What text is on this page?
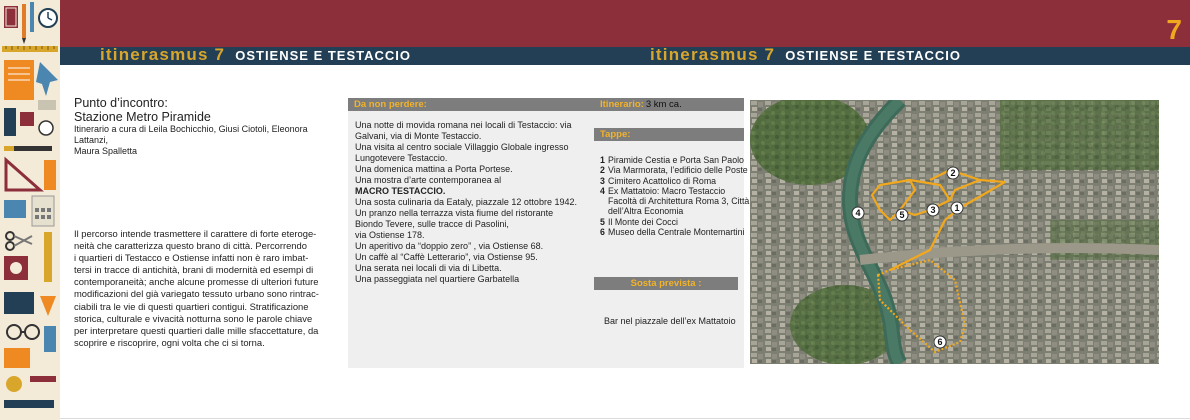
7
itinerasmus 7 OSTIENSE E TESTACCIO	itinerasmus 7 OSTIENSE E TESTACCIO
Punto d’incontro:
Stazione Metro Piramide
Itinerario a cura di Leila Bochicchio, Giusi Ciotoli, Eleonora Lattanzi,
Maura Spalletta
Il percorso intende trasmettere il carattere di forte eteroge-
neità che caratterizza questo brano di città. Percorrendo
i quartieri di Testacco e Ostiense infatti non è raro imbat-
tersi in tracce di antichità, brani di modernità ed esempi di
contemporaneità; anche alcune promesse di ulteriori future
modificazioni del già variegato tessuto urbano sono rintrac-
ciabili tra le vie di questi quartieri contigui. Stratificazione
storica, culturale e vivacità notturna sono le parole chiave
per interpretare questi quartieri dalle mille sfaccettature, da
scoprire e riscoprire, ogni volta che ci si torna.
Da non perdere:	Itinerario: 3 km ca.
Tappe:
Sosta prevista :
Una notte di movida romana nei locali di Testaccio: via
Galvani, via di Monte Testaccio.
Una visita al centro sociale Villaggio Globale ingresso
Lungotevere Testaccio.
Una domenica mattina a Porta Portese.
Una mostra d’arte contemporanea al
MACRO TESTACCIO.
Una sosta culinaria da Eataly, piazzale 12 ottobre 1942.
Un pranzo nella terrazza vista fiume del ristorante
Biondo Tevere, sulle tracce di Pasolini,
via Ostiense 178.
Un aperitivo da “doppio zero” , via Ostiense 68.
Un caffè al “Caffè Letterario”, via Ostiense 95.
Una serata nei locali di via di Libetta.
Una passeggiata nel quartiere Garbatella
1 Piramide Cestia e Porta San Paolo
2 Via Marmorata, l’edificio delle Poste
3 Cimitero Acattolico di Roma
4 Ex Mattatoio: Macro Testaccio Facoltà di Architettura Roma 3, Città dell’Altra Economia
5 Il Monte dei Cocci
6 Museo della Centrale Montemartini
Bar nel piazzale dell’ex Mattatoio
1
2
3
4	5
6
